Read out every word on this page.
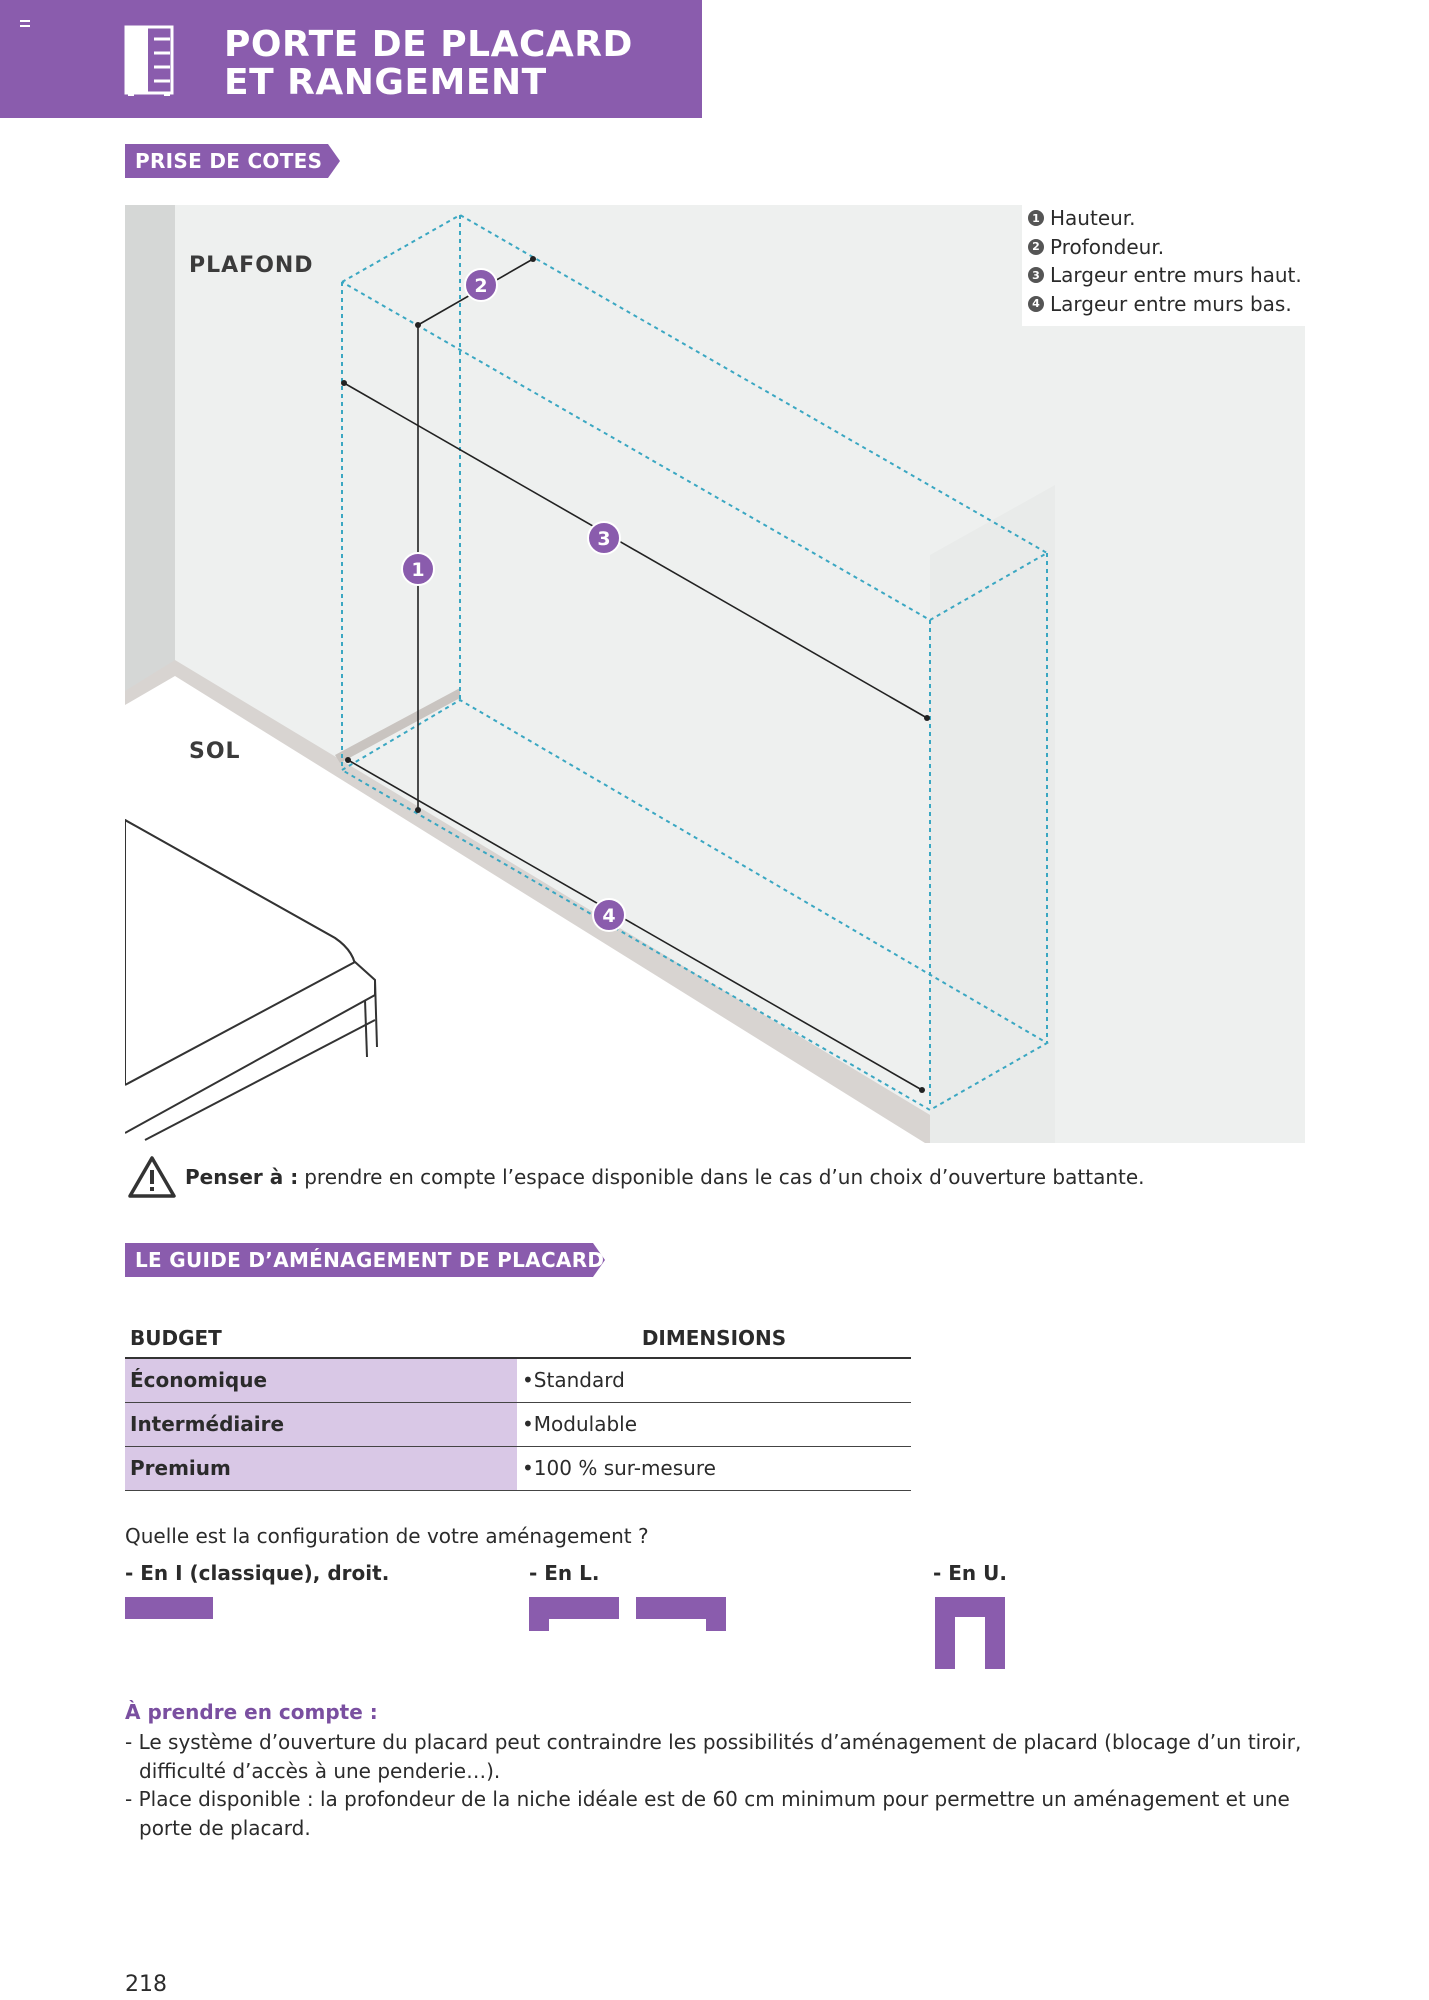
PORTE DE PLACARD
ET RANGEMENT
PRISE DE COTES
PLAFOND
SOL
1
2
3
4
1 Hauteur.
2 Profondeur.
3 Largeur entre murs haut.
4 Largeur entre murs bas.
Penser à : prendre en compte l’espace disponible dans le cas d’un choix d’ouverture battante.
LE GUIDE D’AMÉNAGEMENT DE PLACARD
BUDGET	DIMENSIONS
Économique	•Standard
Intermédiaire	•Modulable
Premium	•100 % sur-mesure
Quelle est la configuration de votre aménagement ?
- En I (classique), droit.	- En L.	- En U.
À prendre en compte :
- Le système d’ouverture du placard peut contraindre les possibilités d’aménagement de placard (blocage d’un tiroir, difficulté d’accès à une penderie…).
- Place disponible : la profondeur de la niche idéale est de 60 cm minimum pour permettre un aménagement et une porte de placard.
218
